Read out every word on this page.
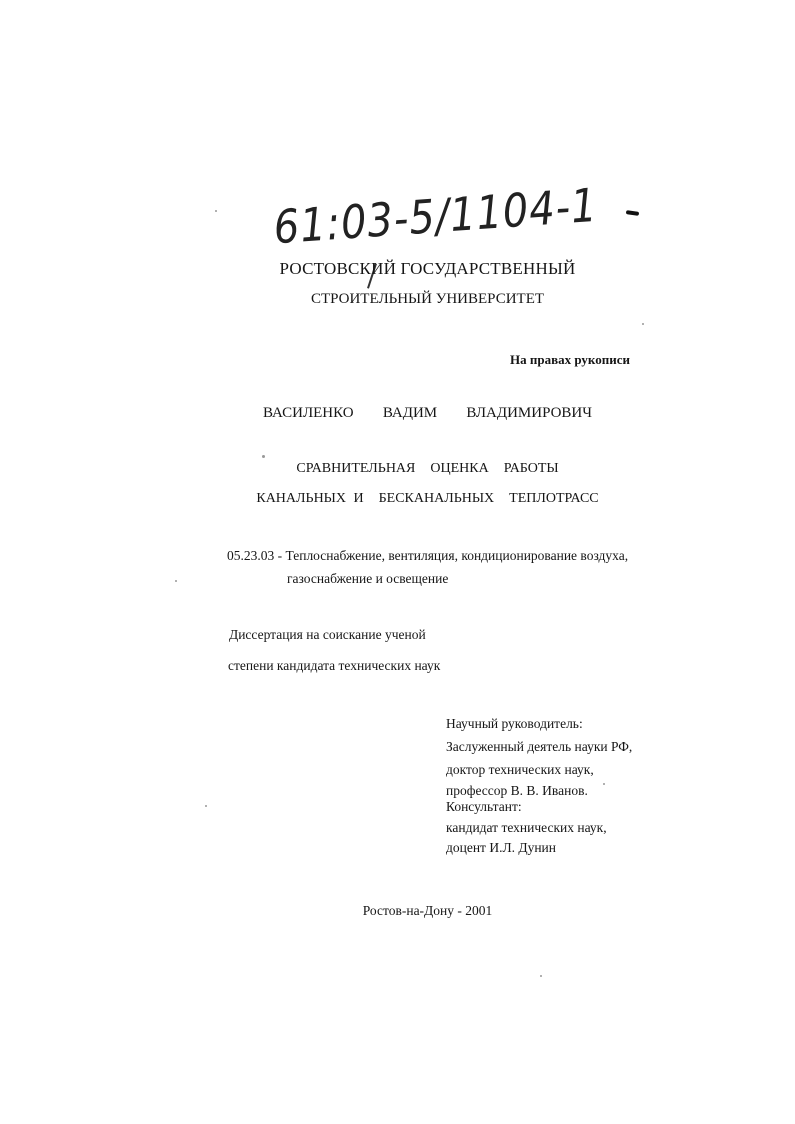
61:03-5/1104-1
РОСТОВСКИЙ ГОСУДАРСТВЕННЫЙ
СТРОИТЕЛЬНЫЙ УНИВЕРСИТЕТ
На правах рукописи
ВАСИЛЕНКО   ВАДИМ   ВЛАДИМИРОВИЧ
СРАВНИТЕЛЬНАЯ  ОЦЕНКА  РАБОТЫ
КАНАЛЬНЫХ И  БЕСКАНАЛЬНЫХ  ТЕПЛОТРАСС
05.23.03 - Теплоснабжение, вентиляция, кондиционирование воздуха,
газоснабжение и освещение
Диссертация на соискание ученой
степени кандидата технических наук
Научный руководитель:
Заслуженный деятель науки РФ,
доктор технических наук,
профессор В. В. Иванов.
Консультант:
кандидат технических наук,
доцент И.Л. Дунин
Ростов-на-Дону - 2001
